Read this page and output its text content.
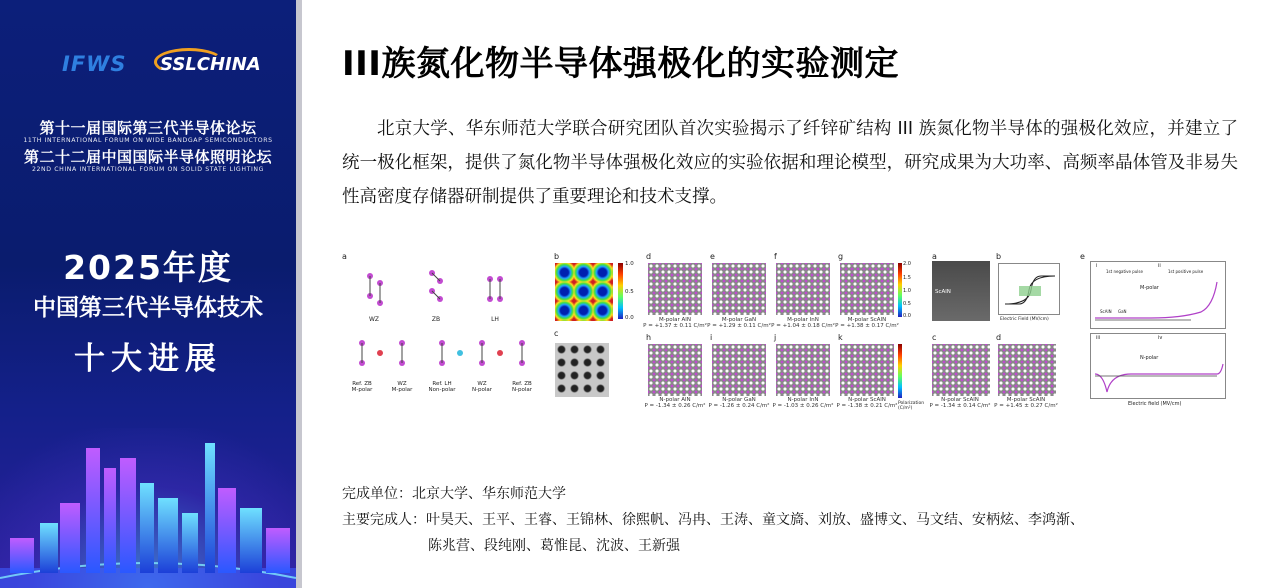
IFWS SSLCHINA
第十一届国际第三代半导体论坛
11TH INTERNATIONAL FORUM ON WIDE BANDGAP SEMICONDUCTORS
第二十二届中国国际半导体照明论坛
22ND CHINA INTERNATIONAL FORUM ON SOLID STATE LIGHTING
2025年度
中国第三代半导体技术
十大进展
III族氮化物半导体强极化的实验测定

北京大学、华东师范大学联合研究团队首次实验揭示了纤锌矿结构 III 族氮化物半导体的强极化效应，并建立了统一极化框架，提供了氮化物半导体强极化效应的实验依据和理论模型，研究成果为大功率、高频率晶体管及非易失性高密度存储器研制提供了重要理论和技术支撑。

a
WZ	ZB	LH
Ref. ZB
M-polar
WZ
M-polar
Ref. LH
Non-polar
WZ
N-polar
Ref. ZB
N-polar
b
1.0
0.5
0.0
c
d	e	f	g
h	i	j	k
M-polar AlN
P = +1.37 ± 0.11 C/m²
M-polar GaN
P = +1.29 ± 0.11 C/m²
M-polar InN
P = +1.04 ± 0.18 C/m²
M-polar ScAlN
P = +1.38 ± 0.17 C/m²
N-polar AlN
P = -1.34 ± 0.26 C/m²
N-polar GaN
P = -1.26 ± 0.24 C/m²
N-polar InN
P = -1.03 ± 0.26 C/m²
N-polar ScAlN
P = -1.38 ± 0.21 C/m²
2.0
1.5
1.0
0.5
0.0
Polarization (C/m²)
a
ScAlN
b
Electric Field (MV/cm)
c	d
N-polar ScAlN
P = -1.34 ± 0.14 C/m²
M-polar ScAlN
P = +1.45 ± 0.27 C/m²
e
i	ii
1st negative pulse	1st positive pulse
M-polar
ScAlN GaN
iii	iv
N-polar
Electric field (MV/cm)
完成单位：北京大学、华东师范大学
主要完成人：叶昊天、王平、王睿、王锦林、徐熙帆、冯冉、王涛、童文旖、刘放、盛博文、马文结、安柄炫、李鸿渐、
陈兆营、段纯刚、葛惟昆、沈波、王新强
